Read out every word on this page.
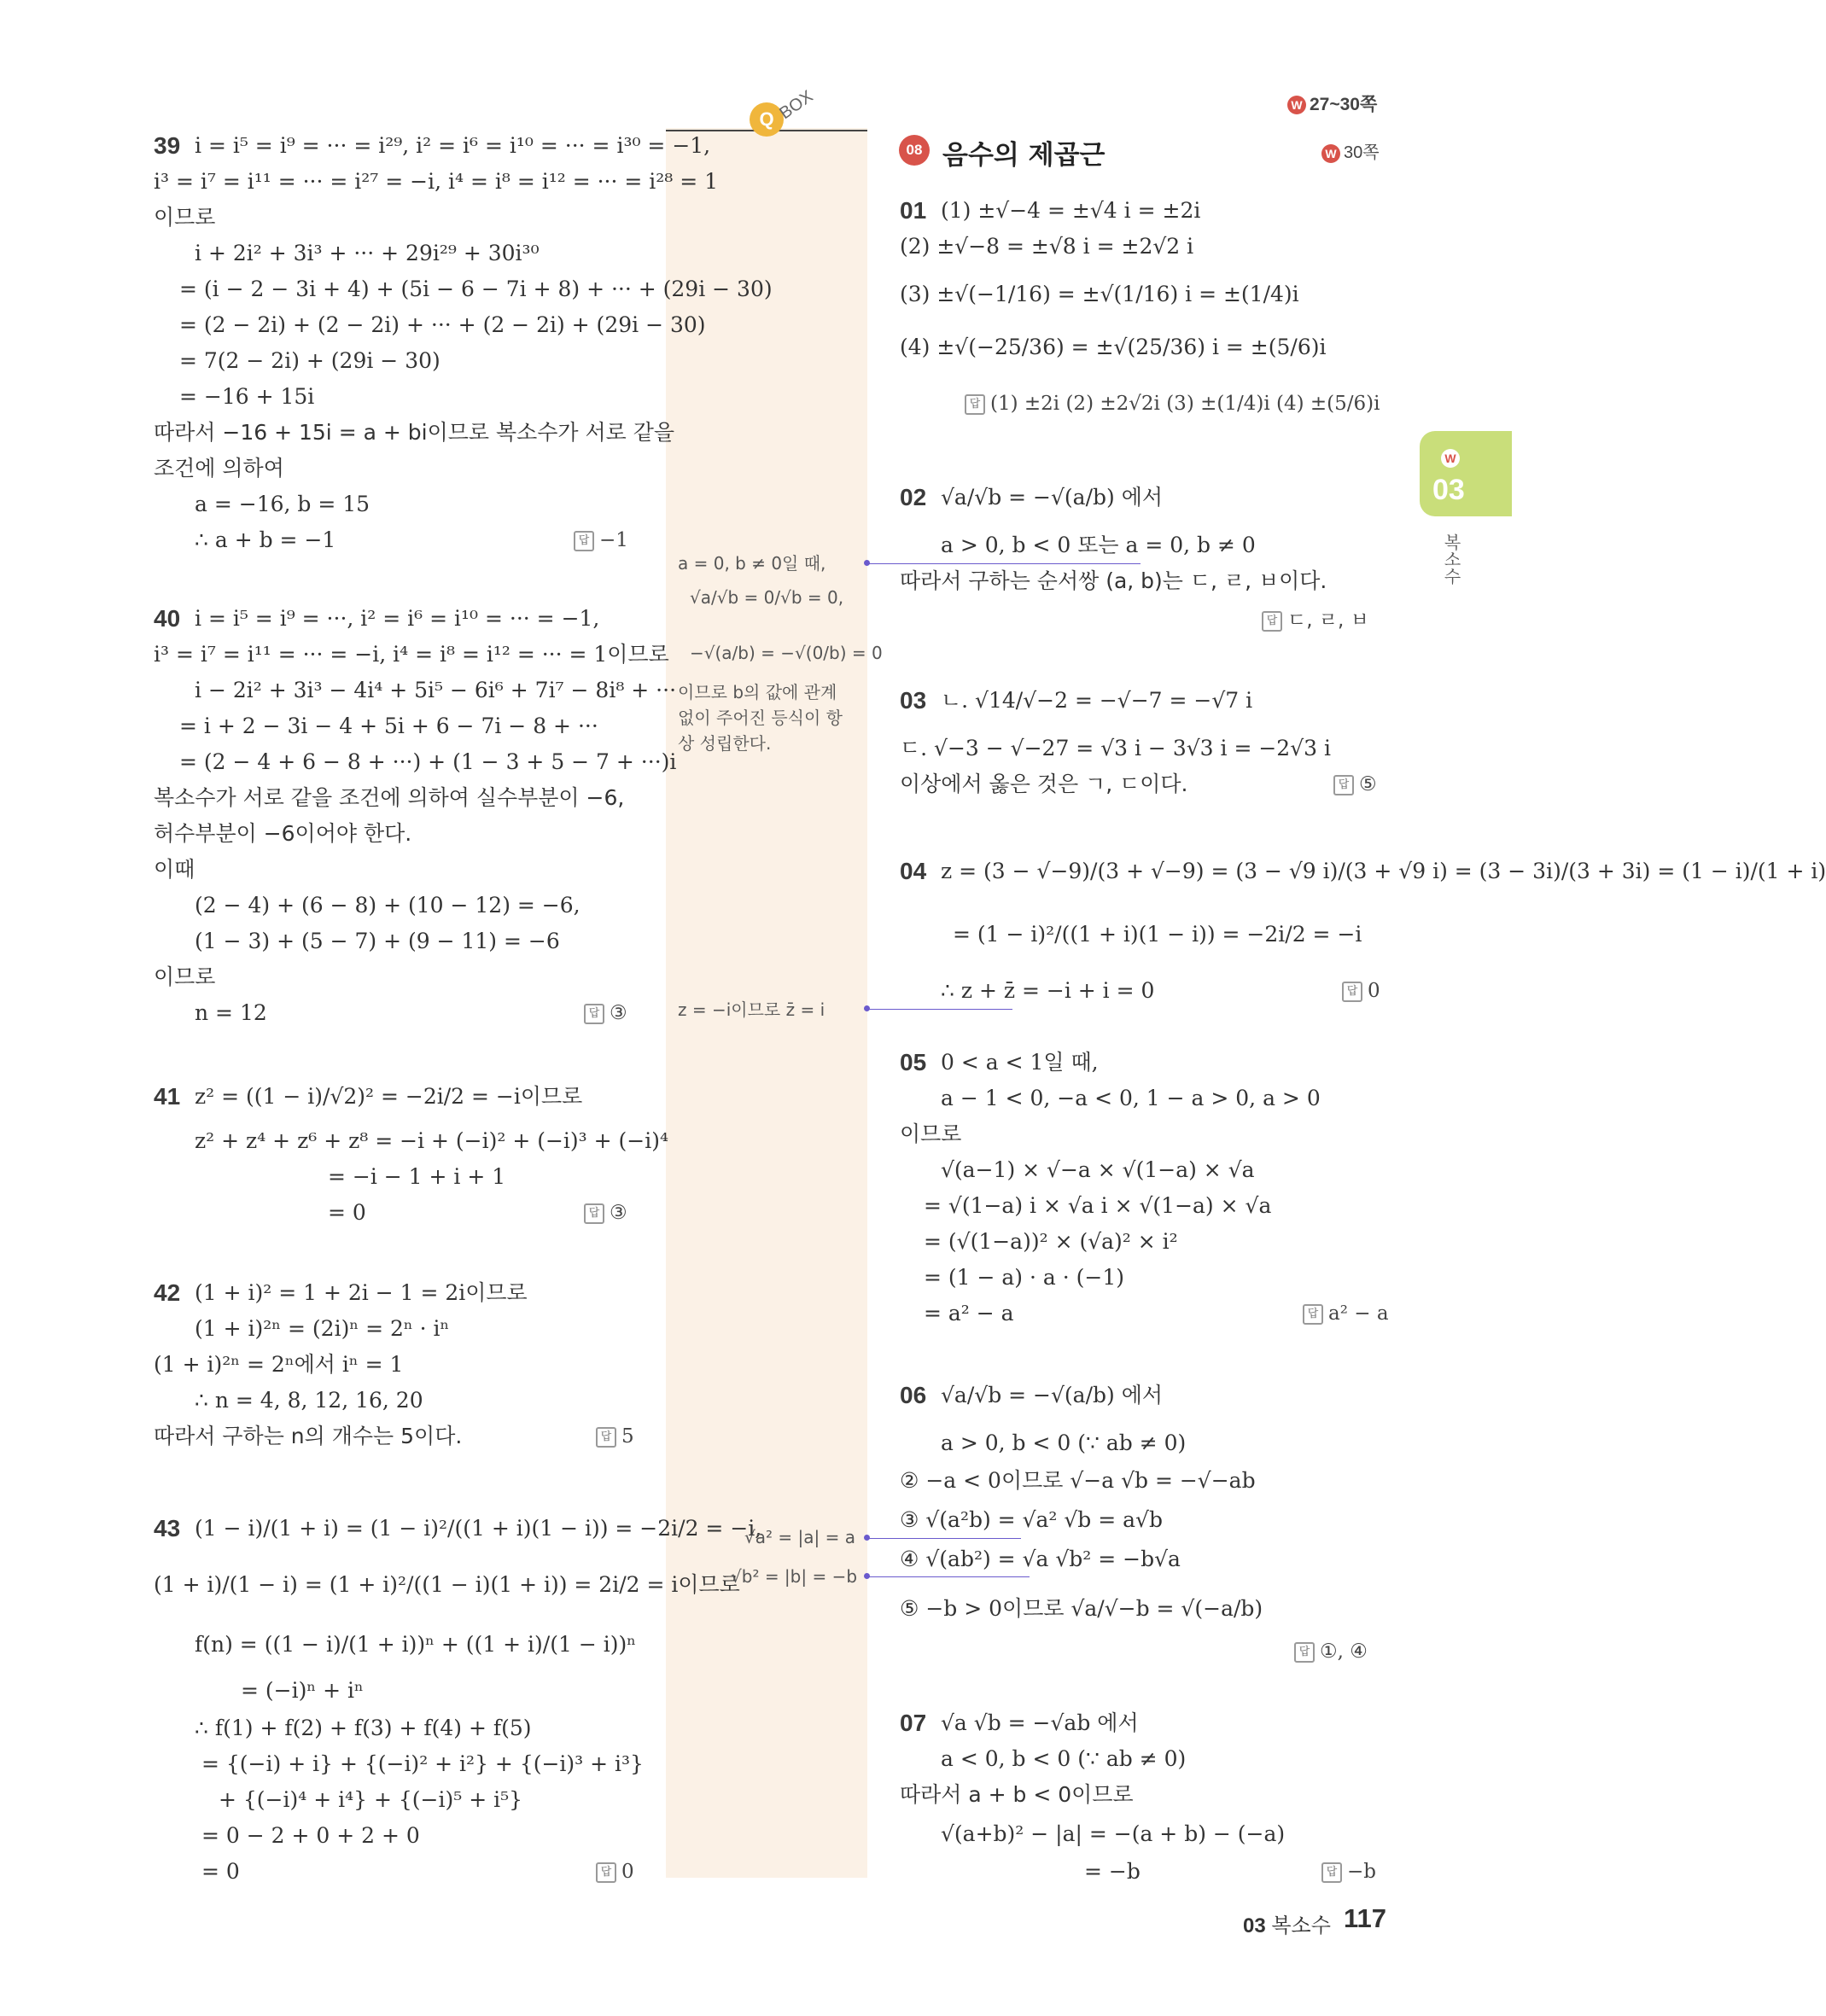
W 27~30쪽
Q BOX
08 음수의 제곱근	W 30쪽
W
03
복소수
39 i = i⁵ = i⁹ = ··· = i²⁹, i² = i⁶ = i¹⁰ = ··· = i³⁰ = −1,
i³ = i⁷ = i¹¹ = ··· = i²⁷ = −i, i⁴ = i⁸ = i¹² = ··· = i²⁸ = 1
이므로
i + 2i² + 3i³ + ··· + 29i²⁹ + 30i³⁰
= (i − 2 − 3i + 4) + (5i − 6 − 7i + 8) + ··· + (29i − 30)
= (2 − 2i) + (2 − 2i) + ··· + (2 − 2i) + (29i − 30)
= 7(2 − 2i) + (29i − 30)
= −16 + 15i
따라서 −16 + 15i = a + bi이므로 복소수가 서로 같을
조건에 의하여
a = −16, b = 15
∴ a + b = −1	답 −1
40 i = i⁵ = i⁹ = ···, i² = i⁶ = i¹⁰ = ··· = −1,
i³ = i⁷ = i¹¹ = ··· = −i, i⁴ = i⁸ = i¹² = ··· = 1이므로
i − 2i² + 3i³ − 4i⁴ + 5i⁵ − 6i⁶ + 7i⁷ − 8i⁸ + ···
= i + 2 − 3i − 4 + 5i + 6 − 7i − 8 + ···
= (2 − 4 + 6 − 8 + ···) + (1 − 3 + 5 − 7 + ···)i
복소수가 서로 같을 조건에 의하여 실수부분이 −6,
허수부분이 −6이어야 한다.
이때
(2 − 4) + (6 − 8) + (10 − 12) = −6,
(1 − 3) + (5 − 7) + (9 − 11) = −6
이므로
n = 12	답 ③
41 z² = ((1 − i)/√2)² = −2i/2 = −i이므로
z² + z⁴ + z⁶ + z⁸ = −i + (−i)² + (−i)³ + (−i)⁴
= −i − 1 + i + 1
= 0	답 ③
42 (1 + i)² = 1 + 2i − 1 = 2i이므로
(1 + i)²ⁿ = (2i)ⁿ = 2ⁿ · iⁿ
(1 + i)²ⁿ = 2ⁿ에서 iⁿ = 1
∴ n = 4, 8, 12, 16, 20
따라서 구하는 n의 개수는 5이다.	답 5
43 (1 − i)/(1 + i) = (1 − i)²/((1 + i)(1 − i)) = −2i/2 = −i,
(1 + i)/(1 − i) = (1 + i)²/((1 − i)(1 + i)) = 2i/2 = i이므로
f(n) = ((1 − i)/(1 + i))ⁿ + ((1 + i)/(1 − i))ⁿ
= (−i)ⁿ + iⁿ
∴ f(1) + f(2) + f(3) + f(4) + f(5)
= {(−i) + i} + {(−i)² + i²} + {(−i)³ + i³}
+ {(−i)⁴ + i⁴} + {(−i)⁵ + i⁵}
= 0 − 2 + 0 + 2 + 0
= 0	답 0
a = 0, b ≠ 0일 때,
√a/√b = 0/√b = 0,
−√(a/b) = −√(0/b) = 0
이므로 b의 값에 관계
없이 주어진 등식이 항
상 성립한다.
z = −i이므로 z̄ = i
√a² = |a| = a
√b² = |b| = −b
01 (1) ±√−4 = ±√4 i = ±2i
(2) ±√−8 = ±√8 i = ±2√2 i
(3) ±√(−1/16) = ±√(1/16) i = ±(1/4)i
(4) ±√(−25/36) = ±√(25/36) i = ±(5/6)i
답 (1) ±2i (2) ±2√2i (3) ±(1/4)i (4) ±(5/6)i
02 √a/√b = −√(a/b) 에서
a > 0, b < 0 또는 a = 0, b ≠ 0
따라서 구하는 순서쌍 (a, b)는 ㄷ, ㄹ, ㅂ이다.
답 ㄷ, ㄹ, ㅂ
03 ㄴ. √14/√−2 = −√−7 = −√7 i
ㄷ. √−3 − √−27 = √3 i − 3√3 i = −2√3 i
이상에서 옳은 것은 ㄱ, ㄷ이다.	답 ⑤
04 z = (3 − √−9)/(3 + √−9) = (3 − √9 i)/(3 + √9 i) = (3 − 3i)/(3 + 3i) = (1 − i)/(1 + i)
= (1 − i)²/((1 + i)(1 − i)) = −2i/2 = −i
∴ z + z̄ = −i + i = 0	답 0
05 0 < a < 1일 때,
a − 1 < 0, −a < 0, 1 − a > 0, a > 0
이므로
√(a−1) × √−a × √(1−a) × √a
= √(1−a) i × √a i × √(1−a) × √a
= (√(1−a))² × (√a)² × i²
= (1 − a) · a · (−1)
= a² − a	답 a² − a
06 √a/√b = −√(a/b) 에서
a > 0, b < 0 (∵ ab ≠ 0)
② −a < 0이므로 √−a √b = −√−ab
③ √(a²b) = √a² √b = a√b
④ √(ab²) = √a √b² = −b√a
⑤ −b > 0이므로 √a/√−b = √(−a/b)
답 ①, ④
07 √a √b = −√ab 에서
a < 0, b < 0 (∵ ab ≠ 0)
따라서 a + b < 0이므로
√(a+b)² − |a| = −(a + b) − (−a)
= −b	답 −b
03 복소수 117
